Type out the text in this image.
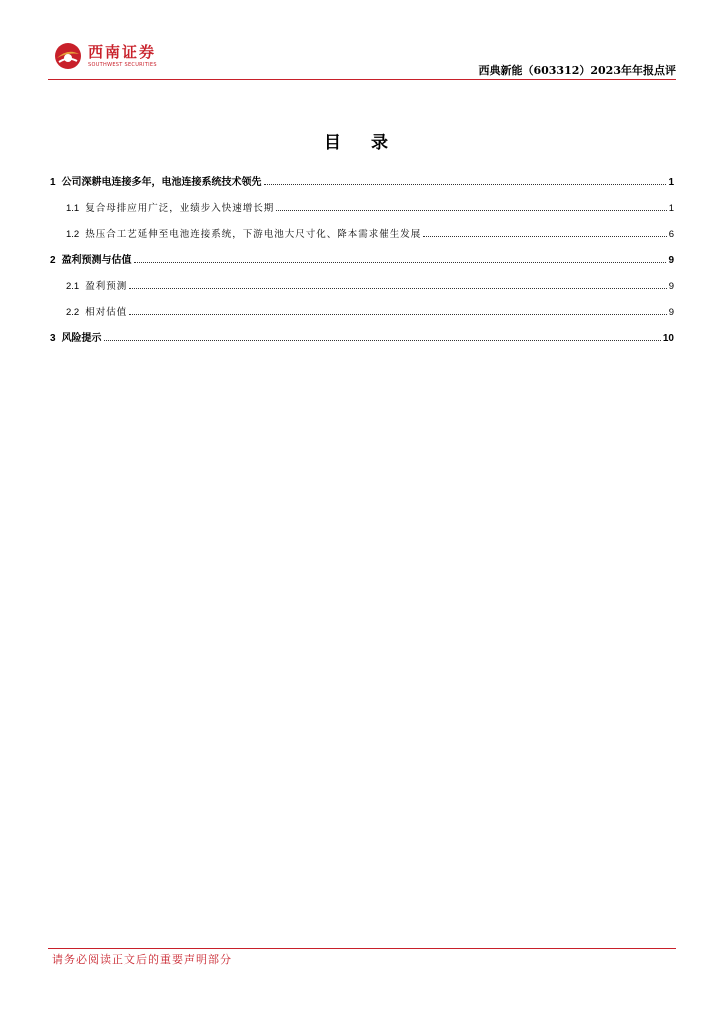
西南证券
SOUTHWEST SECURITIES	西典新能（603312）2023年年报点评
目 录
1 公司深耕电连接多年，电池连接系统技术领先	1
1.1 复合母排应用广泛，业绩步入快速增长期	1
1.2 热压合工艺延伸至电池连接系统，下游电池大尺寸化、降本需求催生发展	6
2 盈利预测与估值	9
2.1 盈利预测	9
2.2 相对估值	9
3 风险提示	10
请务必阅读正文后的重要声明部分
